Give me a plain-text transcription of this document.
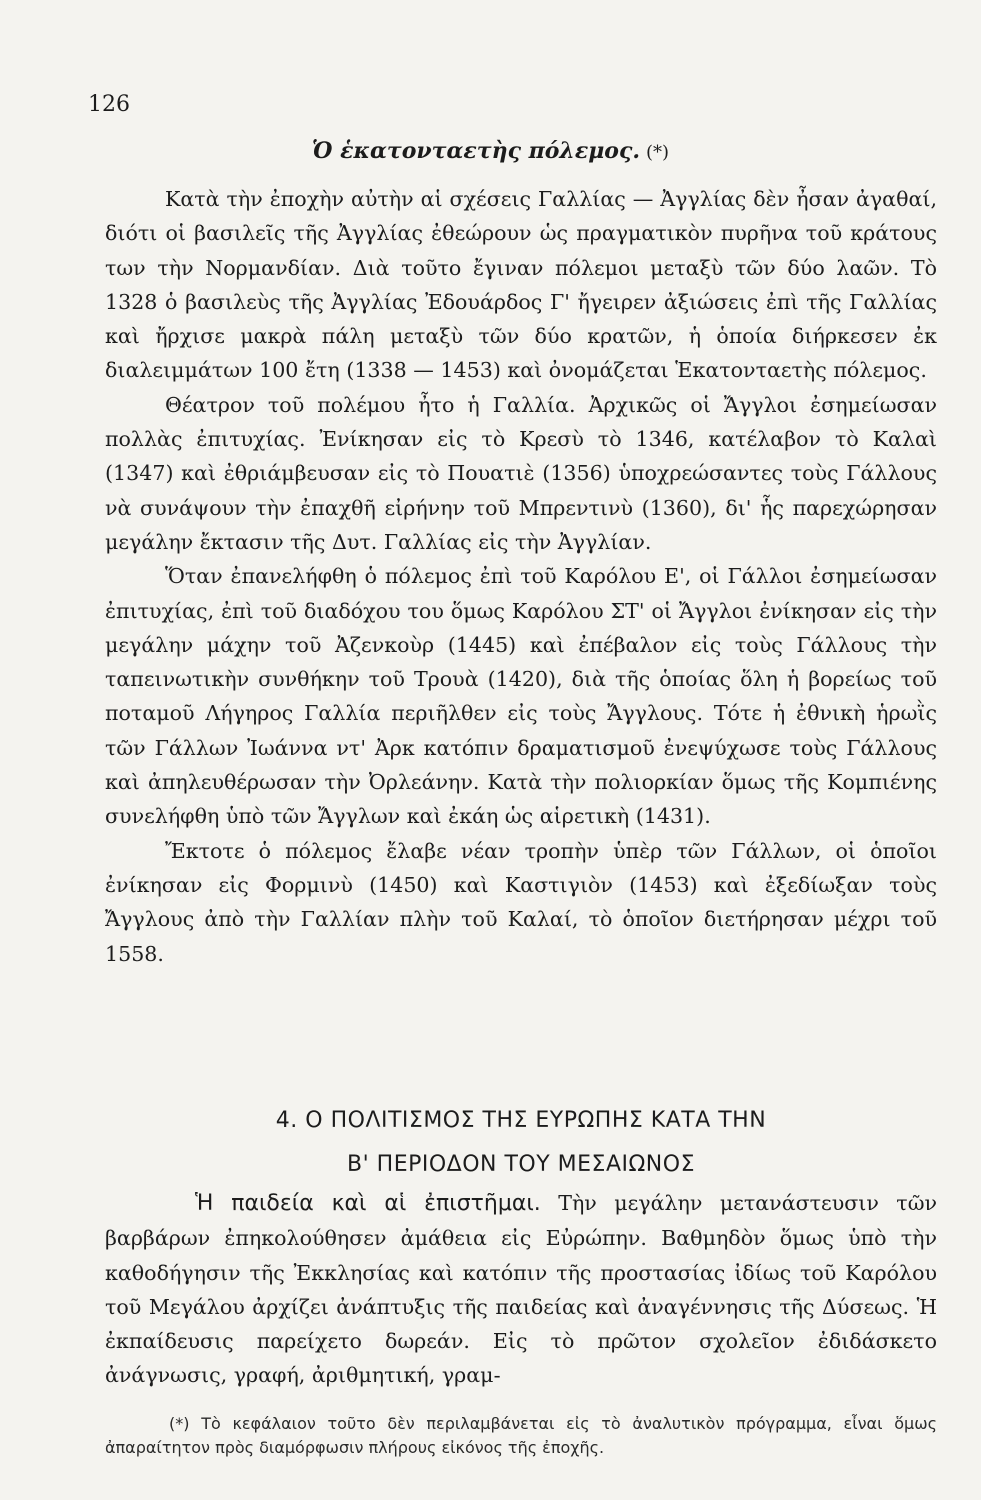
126
Ὁ ἑκατονταετὴς πόλεμος. (*)

Κατὰ τὴν ἐποχὴν αὐτὴν αἱ σχέσεις Γαλλίας — Ἀγγλίας δὲν ἦσαν ἀγαθαί, διότι οἱ βασιλεῖς τῆς Ἀγγλίας ἐθεώρουν ὡς πραγματικὸν πυρῆνα τοῦ κράτους των τὴν Νορμανδίαν. Διὰ τοῦτο ἔγιναν πόλεμοι μεταξὺ τῶν δύο λαῶν. Τὸ 1328 ὁ βασιλεὺς τῆς Ἀγγλίας Ἐδουάρδος Γ' ἤγειρεν ἀξιώσεις ἐπὶ τῆς Γαλλίας καὶ ἤρχισε μακρὰ πάλη μεταξὺ τῶν δύο κρατῶν, ἡ ὁποία διήρκεσεν ἐκ διαλειμμάτων 100 ἔτη (1338 — 1453) καὶ ὀνομάζεται Ἑκατονταετὴς πόλεμος.

Θέατρον τοῦ πολέμου ἦτο ἡ Γαλλία. Ἀρχικῶς οἱ Ἄγγλοι ἐσημείωσαν πολλὰς ἐπιτυχίας. Ἐνίκησαν εἰς τὸ Κρεσὺ τὸ 1346, κατέλαβον τὸ Καλαὶ (1347) καὶ ἐθριάμβευσαν εἰς τὸ Πουατιὲ (1356) ὑποχρεώσαντες τοὺς Γάλλους νὰ συνάψουν τὴν ἐπαχθῆ εἰρήνην τοῦ Μπρεντινὺ (1360), δι' ἧς παρεχώρησαν μεγάλην ἔκτασιν τῆς Δυτ. Γαλλίας εἰς τὴν Ἀγγλίαν.

Ὅταν ἐπανελήφθη ὁ πόλεμος ἐπὶ τοῦ Καρόλου Ε', οἱ Γάλλοι ἐσημείωσαν ἐπιτυχίας, ἐπὶ τοῦ διαδόχου του ὅμως Καρόλου ΣΤ' οἱ Ἄγγλοι ἐνίκησαν εἰς τὴν μεγάλην μάχην τοῦ Ἀζενκοὺρ (1445) καὶ ἐπέβαλον εἰς τοὺς Γάλλους τὴν ταπεινωτικὴν συνθήκην τοῦ Τρουὰ (1420), διὰ τῆς ὁποίας ὅλη ἡ βορείως τοῦ ποταμοῦ Λήγηρος Γαλλία περιῆλθεν εἰς τοὺς Ἄγγλους. Τότε ἡ ἐθνικὴ ἡρωῒς τῶν Γάλλων Ἰωάννα ντ' Ἀρκ κατόπιν δραματισμοῦ ἐνεψύχωσε τοὺς Γάλλους καὶ ἀπηλευθέρωσαν τὴν Ὀρλεάνην. Κατὰ τὴν πολιορκίαν ὅμως τῆς Κομπιένης συνελήφθη ὑπὸ τῶν Ἄγγλων καὶ ἐκάη ὡς αἱρετικὴ (1431).

Ἔκτοτε ὁ πόλεμος ἔλαβε νέαν τροπὴν ὑπὲρ τῶν Γάλλων, οἱ ὁποῖοι ἐνίκησαν εἰς Φορμινὺ (1450) καὶ Καστιγιὸν (1453) καὶ ἐξεδίωξαν τοὺς Ἄγγλους ἀπὸ τὴν Γαλλίαν πλὴν τοῦ Καλαί, τὸ ὁποῖον διετήρησαν μέχρι τοῦ 1558.

4. Ο ΠΟΛΙΤΙΣΜΟΣ ΤΗΣ ΕΥΡΩΠΗΣ ΚΑΤΑ ΤΗΝ
Β' ΠΕΡΙΟΔΟΝ ΤΟΥ ΜΕΣΑΙΩΝΟΣ

Ἡ παιδεία καὶ αἱ ἐπιστῆμαι. Τὴν μεγάλην μετανάστευσιν τῶν βαρβάρων ἐπηκολούθησεν ἀμάθεια εἰς Εὐρώπην. Βαθμηδὸν ὅμως ὑπὸ τὴν καθοδήγησιν τῆς Ἐκκλησίας καὶ κατόπιν τῆς προστασίας ἰδίως τοῦ Καρόλου τοῦ Μεγάλου ἀρχίζει ἀνάπτυξις τῆς παιδείας καὶ ἀναγέννησις τῆς Δύσεως. Ἡ ἐκπαίδευσις παρείχετο δωρεάν. Εἰς τὸ πρῶτον σχολεῖον ἐδιδάσκετο ἀνάγνωσις, γραφή, ἀριθμητική, γραμ-

(*) Τὸ κεφάλαιον τοῦτο δὲν περιλαμβάνεται εἰς τὸ ἀναλυτικὸν πρόγραμμα, εἶναι ὅμως ἀπαραίτητον πρὸς διαμόρφωσιν πλήρους εἰκόνος τῆς ἐποχῆς.
